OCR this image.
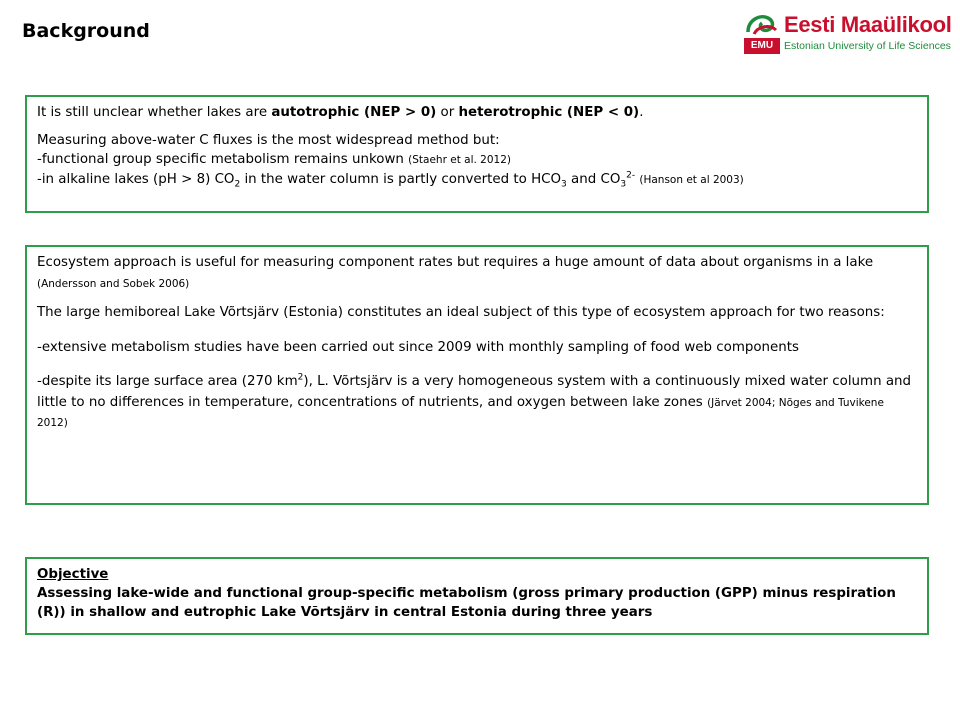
Background
EMU
Eesti Maaülikool
Estonian University of Life Sciences

It is still unclear whether lakes are autotrophic (NEP > 0) or heterotrophic (NEP < 0).

Measuring above-water C fluxes is the most widespread method but:

-functional group specific metabolism remains unkown (Staehr et al. 2012)

-in alkaline lakes (pH > 8) $CO_2$ in the water column is partly converted to $HCO_3$ and $CO_3^{2-}$ (Hanson et al 2003)

Ecosystem approach is useful for measuring component rates but requires a huge amount of data about organisms in a lake (Andersson and Sobek 2006)

The large hemiboreal Lake Võrtsjärv (Estonia) constitutes an ideal subject of this type of ecosystem approach for two reasons:

-extensive metabolism studies have been carried out since 2009 with monthly sampling of food web components

-despite its large surface area (270 $km^2$), L. Võrtsjärv is a very homogeneous system with a continuously mixed water column and little to no differences in temperature, concentrations of nutrients, and oxygen between lake zones (Järvet 2004; Nõges and Tuvikene 2012)

Objective

Assessing lake-wide and functional group-specific metabolism (gross primary production (GPP) minus respiration (R)) in shallow and eutrophic Lake Võrtsjärv in central Estonia during three years
